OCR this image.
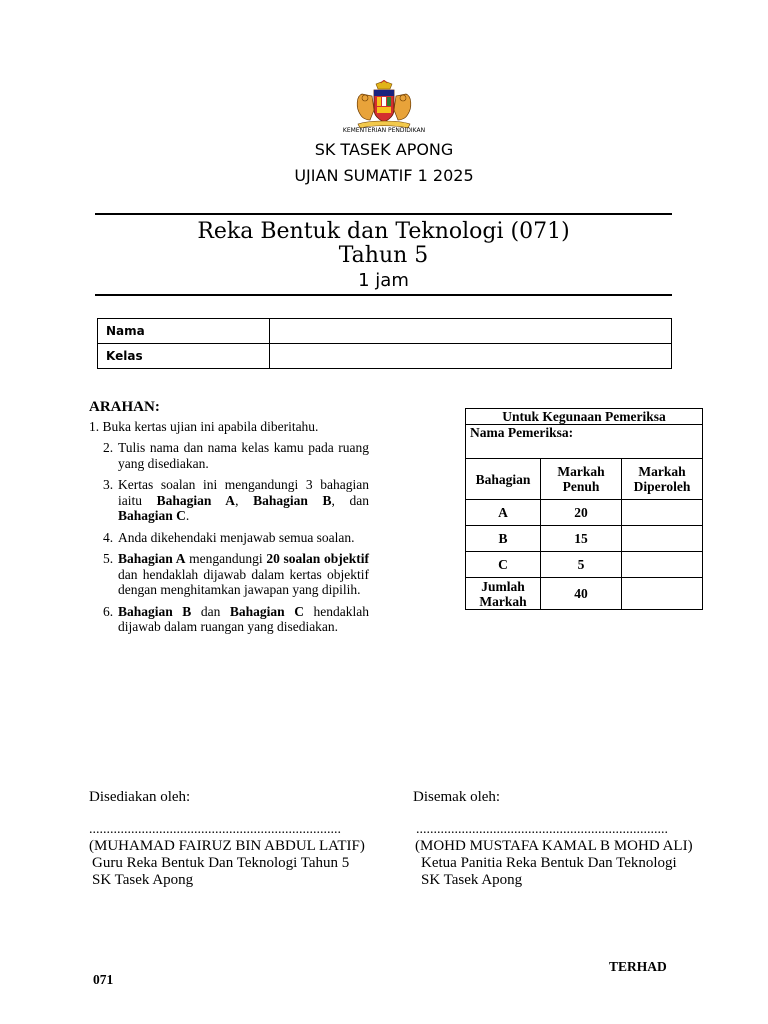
KEMENTERIAN PENDIDIKAN
SK TASEK APONG
UJIAN SUMATIF 1 2025
Reka Bentuk dan Teknologi (071)
Tahun 5
1 jam
Nama	
Kelas	
ARAHAN:
1. Buka kertas ujian ini apabila diberitahu.
2. Tulis nama dan nama kelas kamu pada ruang yang disediakan.
3. Kertas soalan ini mengandungi 3 bahagian iaitu Bahagian A, Bahagian B, dan Bahagian C.
4. Anda dikehendaki menjawab semua soalan.
5. Bahagian A mengandungi 20 soalan objektif dan hendaklah dijawab dalam kertas objektif dengan menghitamkan jawapan yang dipilih.
6. Bahagian B dan Bahagian C hendaklah dijawab dalam ruangan yang disediakan.
Untuk Kegunaan Pemeriksa		
Nama Pemeriksa:		
Bahagian	Markah Penuh	Markah Diperoleh
A	20	
B	15	
C	5	
Jumlah Markah	40	
Disediakan oleh:	Disemak oleh:
........................................................................	........................................................................
(MUHAMAD FAIRUZ BIN ABDUL LATIF)	(MOHD MUSTAFA KAMAL B MOHD ALI)
Guru Reka Bentuk Dan Teknologi Tahun 5
SK Tasek Apong
Ketua Panitia Reka Bentuk Dan Teknologi
SK Tasek Apong
TERHAD
071
